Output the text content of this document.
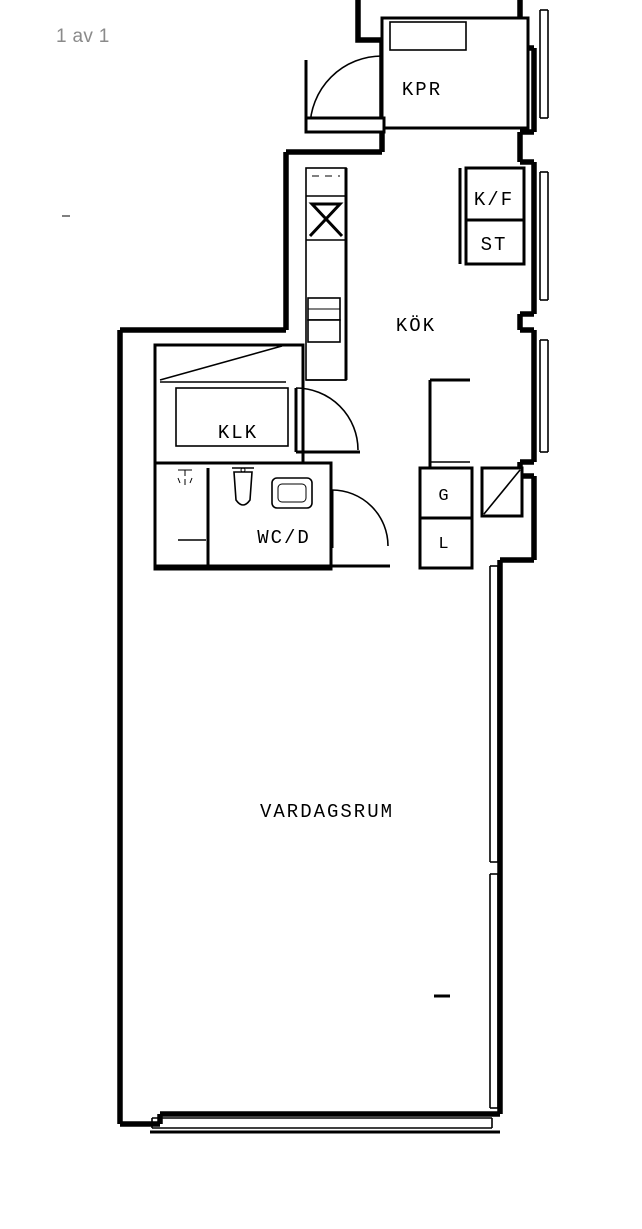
1 av 1
KPR
K/F
ST
KÖK
KLK
WC/D
G
L
VARDAGSRUM
